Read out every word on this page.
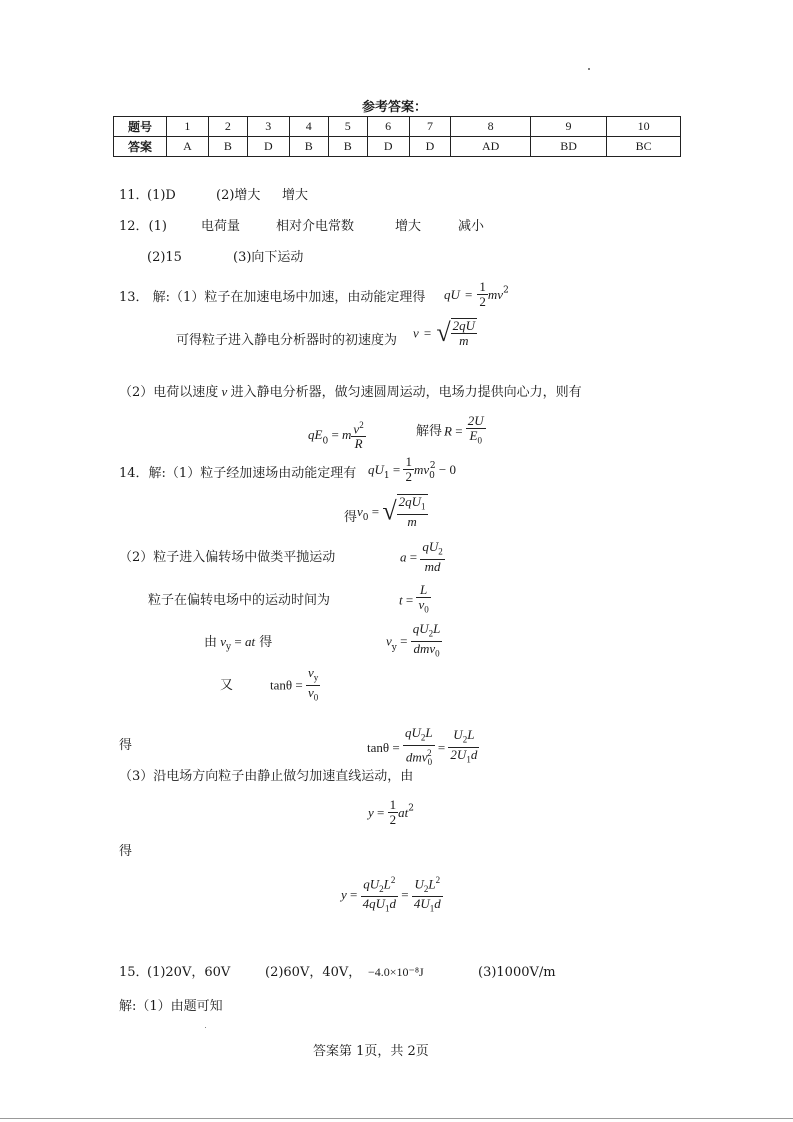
参考答案：
题号	1	2	3	4	5	6	7	8	9	10
答案	A	B	D	B	B	D	D	AD	BD	BC
11．
(1)D	(2)增大 增大
12．(1)	电荷量	相对介电常数	增大	减小
(2)15	(3)向下运动
13． 解:（1）粒子在加速电场中加速，由动能定理得 qU = $\frac{1}{2} mv^2$
可得粒子进入静电分析器时的初速度为 v = √ $\frac{2qU}{m}$
（2）电荷以速度 v 进入静电分析器，做匀速圆周运动，电场力提供向心力，则有
$qE_0 = m \frac{v^2}{R}$	解得 $R = \frac{2U}{E_0}$
14．解:（1）粒子经加速场由动能定理有 $qU_1 = \frac{1}{2} mv_0^2 - 0$
得 $v_0$ = √ $\frac{2qU_1}{m}$
（2）粒子进入偏转场中做类平抛运动	$a = \frac{qU_2}{md}$
粒子在偏转电场中的运动时间为	$t = \frac{L}{v_0}$
由 $v_y$ = at 得	$v_y = \frac{qU_2L}{dmv_0}$
又	$\tan\theta = \frac{v_y}{v_0}$
得	$\tan\theta = \frac{qU_2L}{dmv_0^2} = \frac{U_2L}{2U_1d}$
（3）沿电场方向粒子由静止做匀加速直线运动，由
$y = \frac{1}{2} at^2$
得
$y = \frac{qU_2L^2}{4qU_1d} = \frac{U_2L^2}{4U_1d}$
15．
(1)20V，60V	(2)60V，40V， −4.0×10⁻⁸J	(3)1000V/m
解:（1）由题可知
答案第 1页，共 2页
